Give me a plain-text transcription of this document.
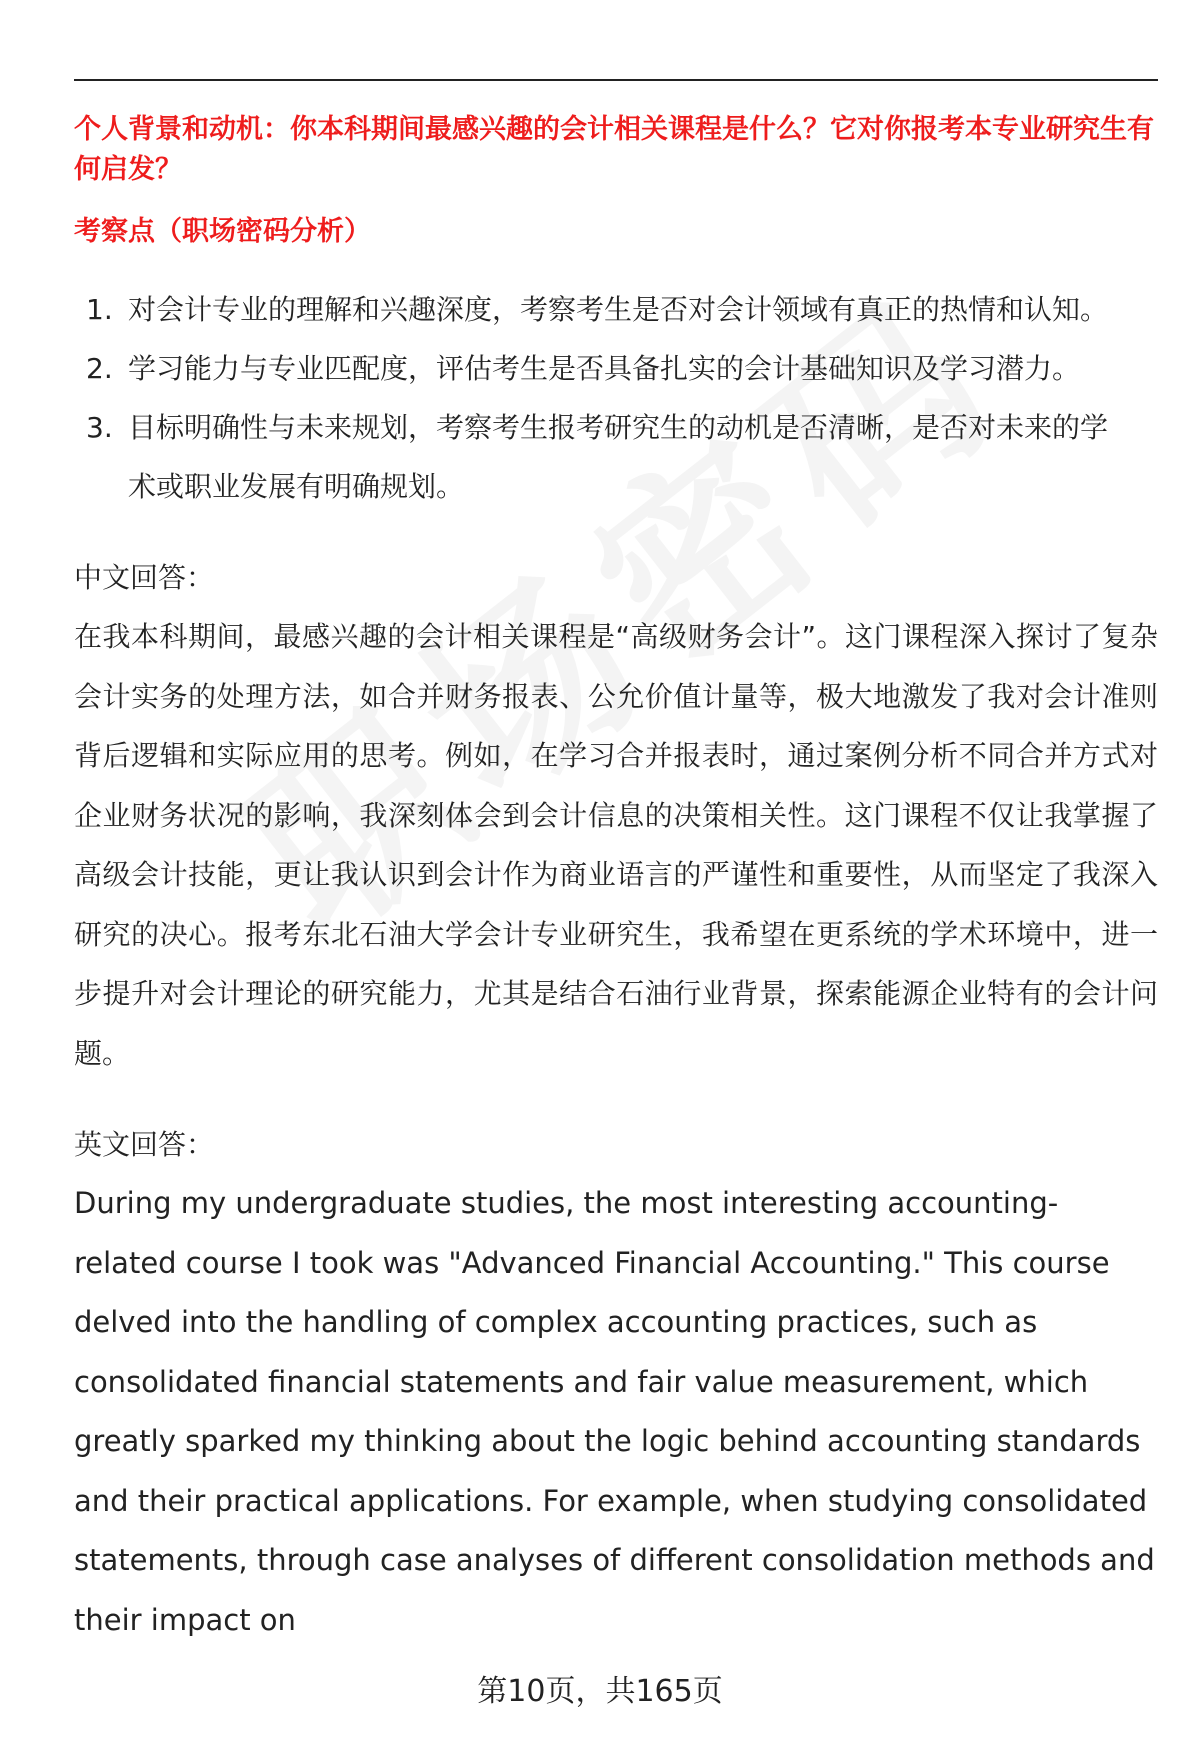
个人背景和动机：你本科期间最感兴趣的会计相关课程是什么？它对你报考本专业研究生有何启发？

考察点（职场密码分析）

1. 对会计专业的理解和兴趣深度，考察考生是否对会计领域有真正的热情和认知。
2. 学习能力与专业匹配度，评估考生是否具备扎实的会计基础知识及学习潜力。
3. 目标明确性与未来规划，考察考生报考研究生的动机是否清晰，是否对未来的学术或职业发展有明确规划。

中文回答：

在我本科期间，最感兴趣的会计相关课程是“高级财务会计”。这门课程深入探讨了复杂会计实务的处理方法，如合并财务报表、公允价值计量等，极大地激发了我对会计准则背后逻辑和实际应用的思考。例如，在学习合并报表时，通过案例分析不同合并方式对企业财务状况的影响，我深刻体会到会计信息的决策相关性。这门课程不仅让我掌握了高级会计技能，更让我认识到会计作为商业语言的严谨性和重要性，从而坚定了我深入研究的决心。报考东北石油大学会计专业研究生，我希望在更系统的学术环境中，进一步提升对会计理论的研究能力，尤其是结合石油行业背景，探索能源企业特有的会计问题。

英文回答：

During my undergraduate studies, the most interesting accounting-related course I took was "Advanced Financial Accounting." This course delved into the handling of complex accounting practices, such as consolidated financial statements and fair value measurement, which greatly sparked my thinking about the logic behind accounting standards and their practical applications. For example, when studying consolidated statements, through case analyses of different consolidation methods and their impact on

第10页，共165页
